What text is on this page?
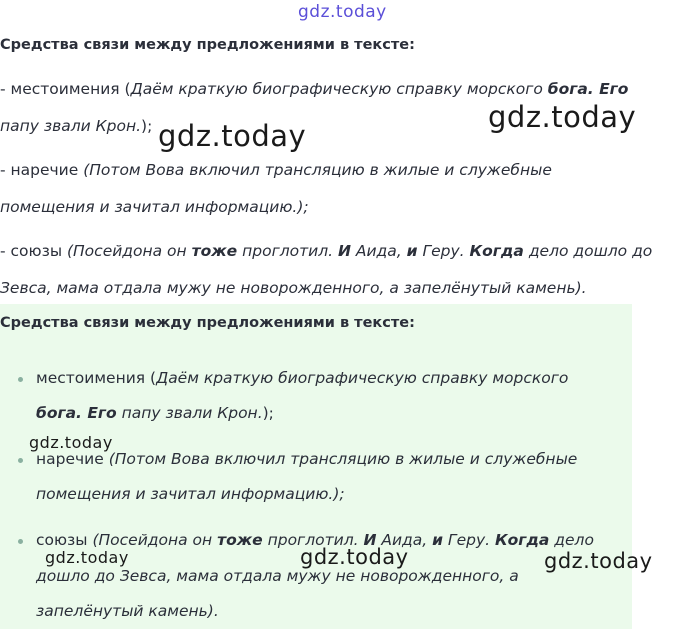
gdz.today
gdz.today
gdz.today
Средства связи между предложениями в тексте:
- местоимения (Даём краткую биографическую справку морского бога. Его
папу звали Крон.);
- наречие (Потом Вова включил трансляцию в жилые и служебные
помещения и зачитал информацию.);
- союзы (Посейдона он тоже проглотил. И Аида, и Геру. Когда дело дошло до
Зевса, мама отдала мужу не новорожденного, а запелёнутый камень).
Средства связи между предложениями в тексте:
местоимения (Даём краткую биографическую справку морского
бога. Его папу звали Крон.);
наречие (Потом Вова включил трансляцию в жилые и служебные
помещения и зачитал информацию.);
союзы (Посейдона он тоже проглотил. И Аида, и Геру. Когда дело
дошло до Зевса, мама отдала мужу не новорожденного, а
запелёнутый камень).
gdz.today
gdz.today	gdz.today	gdz.today
